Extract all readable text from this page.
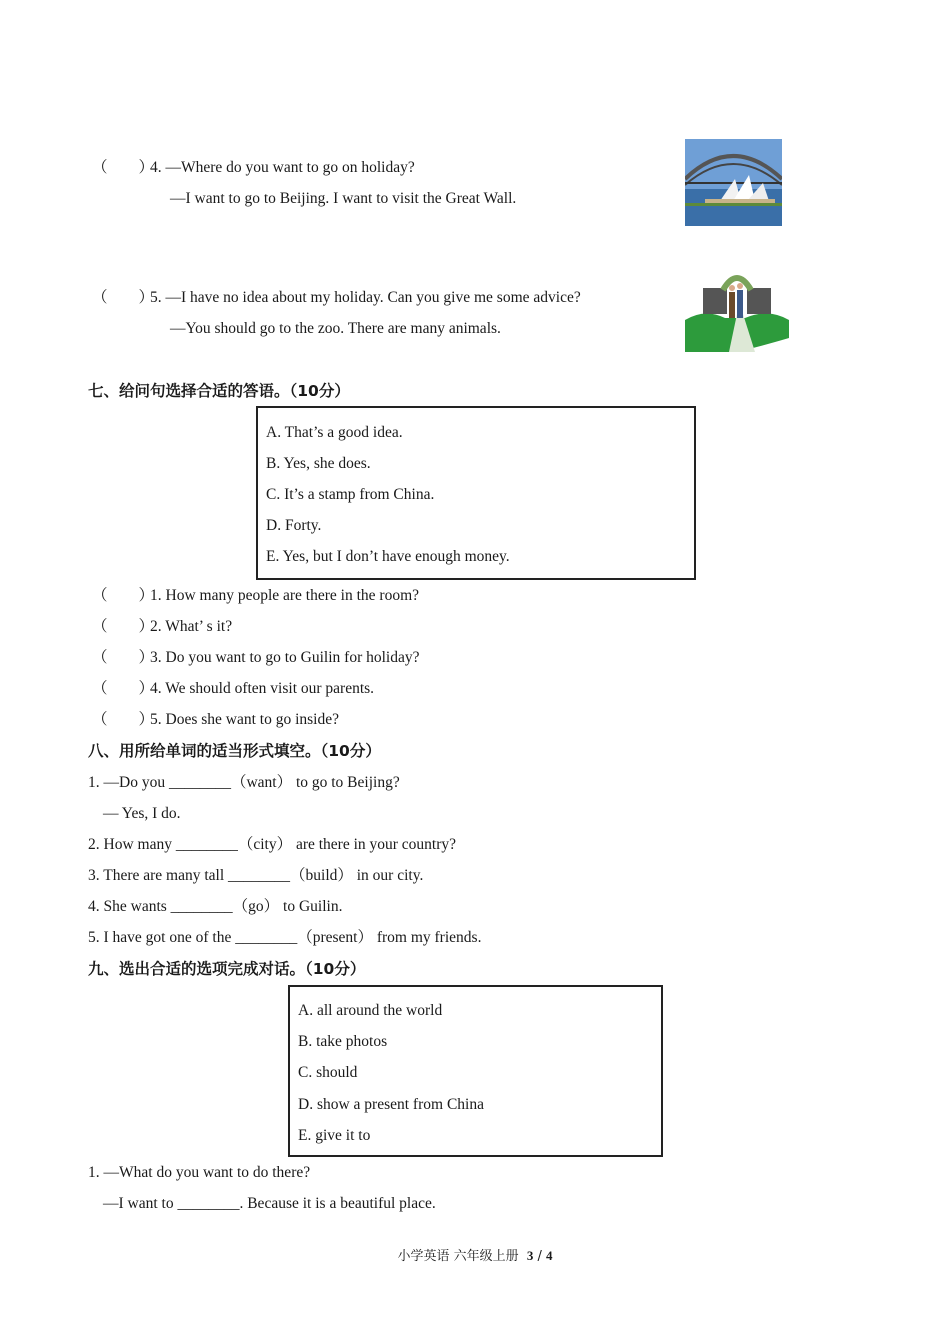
（　　）4. —Where do you want to go on holiday?
—I want to go to Beijing. I want to visit the Great Wall.
（　　）5. —I have no idea about my holiday. Can you give me some advice?
—You should go to the zoo. There are many animals.
七、给问句选择合适的答语。（10分）
A. That’s a good idea.
B. Yes, she does.
C. It’s a stamp from China.
D. Forty.
E. Yes, but I don’t have enough money.
（　　）1. How many people are there in the room?
（　　）2. What’ s it?
（　　）3. Do you want to go to Guilin for holiday?
（　　）4. We should often visit our parents.
（　　）5. Does she want to go inside?
八、用所给单词的适当形式填空。（10分）
1. —Do you ________（want） to go to Beijing?
— Yes, I do.
2. How many ________（city） are there in your country?
3. There are many tall ________（build） in our city.
4. She wants ________（go） to Guilin.
5. I have got one of the ________（present） from my friends.
九、选出合适的选项完成对话。（10分）
A. all around the world
B. take photos
C. should
D. show a present from China
E. give it to
1. —What do you want to do there?
—I want to ________. Because it is a beautiful place.
小学英语 六年级上册 3 / 4
